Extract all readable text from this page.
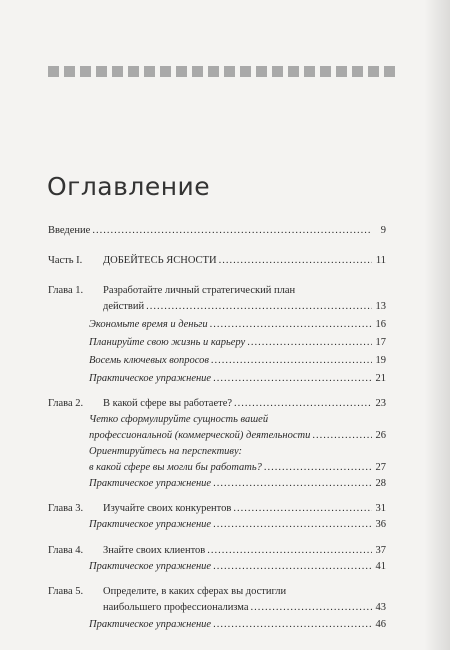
Оглавление
Введение .....	9
Часть I.	ДОБЕЙТЕСЬ ЯСНОСТИ .....	11
Глава 1.	Разработайте личный стратегический план
действий .....	13
Экономьте время и деньги .....	16
Планируйте свою жизнь и карьеру .....	17
Восемь ключевых вопросов .....	19
Практическое упражнение .....	21
Глава 2.	В какой сфере вы работаете? .....	23
Четко сформулируйте сущность вашей
профессиональной (коммерческой) деятельности .....	26
Ориентируйтесь на перспективу:
в какой сфере вы могли бы работать? .....	27
Практическое упражнение .....	28
Глава 3.	Изучайте своих конкурентов .....	31
Практическое упражнение .....	36
Глава 4.	Знайте своих клиентов .....	37
Практическое упражнение .....	41
Глава 5.	Определите, в каких сферах вы достигли
наибольшего профессионализма .....	43
Практическое упражнение .....	46
